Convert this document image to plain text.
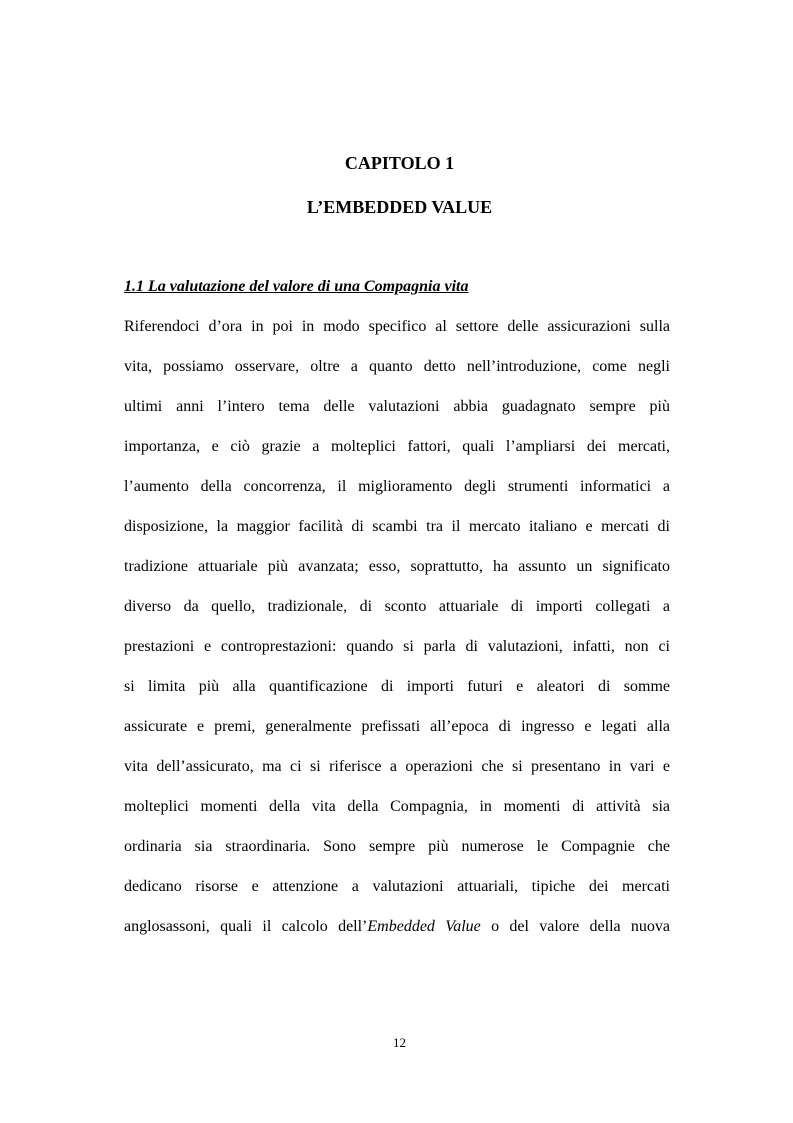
CAPITOLO 1
L’EMBEDDED VALUE
1.1 La valutazione del valore di una Compagnia vita
Riferendoci d’ora in poi in modo specifico al settore delle assicurazioni sulla
vita, possiamo osservare, oltre a quanto detto nell’introduzione, come negli
ultimi anni l’intero tema delle valutazioni abbia guadagnato sempre più
importanza, e ciò grazie a molteplici fattori, quali l’ampliarsi dei mercati,
l’aumento della concorrenza, il miglioramento degli strumenti informatici a
disposizione, la maggior facilità di scambi tra il mercato italiano e mercati di
tradizione attuariale più avanzata; esso, soprattutto, ha assunto un significato
diverso da quello, tradizionale, di sconto attuariale di importi collegati a
prestazioni e controprestazioni: quando si parla di valutazioni, infatti, non ci
si limita più alla quantificazione di importi futuri e aleatori di somme
assicurate e premi, generalmente prefissati all’epoca di ingresso e legati alla
vita dell’assicurato, ma ci si riferisce a operazioni che si presentano in vari e
molteplici momenti della vita della Compagnia, in momenti di attività sia
ordinaria sia straordinaria. Sono sempre più numerose le Compagnie che
dedicano risorse e attenzione a valutazioni attuariali, tipiche dei mercati
anglosassoni, quali il calcolo dell’Embedded Value o del valore della nuova
12
